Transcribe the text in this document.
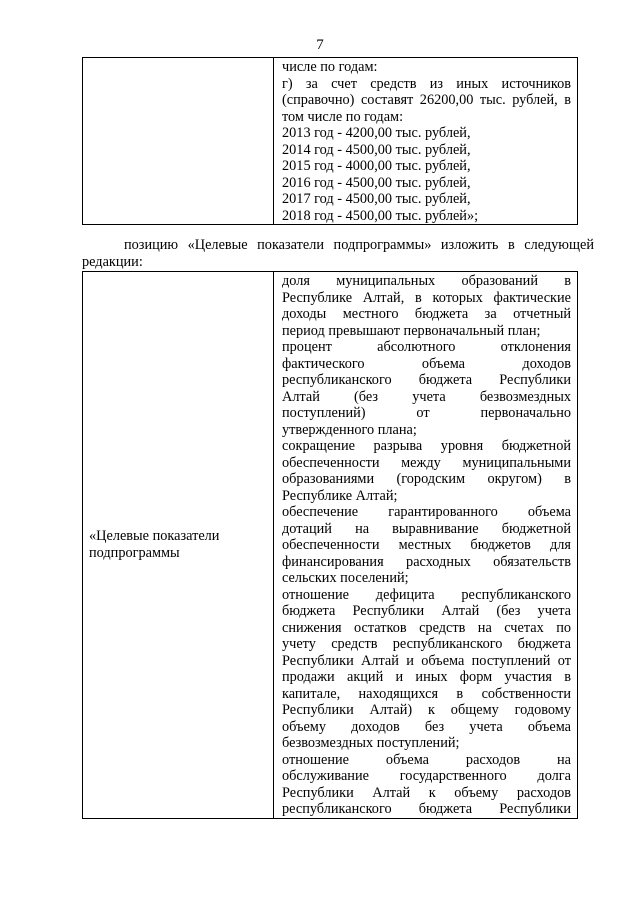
7

числе по годам:
г) за счет средств из иных источников
(справочно) составят 26200,00 тыс. рублей, в
том числе по годам:
2013 год - 4200,00 тыс. рублей,
2014 год - 4500,00 тыс. рублей,
2015 год - 4000,00 тыс. рублей,
2016 год - 4500,00 тыс. рублей,
2017 год - 4500,00 тыс. рублей,
2018 год - 4500,00 тыс. рублей»;
позицию «Целевые показатели подпрограммы» изложить в следующей
редакции:
«Целевые показатели
подпрограммы

доля муниципальных образований в
Республике Алтай, в которых фактические
доходы местного бюджета за отчетный
период превышают первоначальный план;
процент абсолютного отклонения
фактического объема доходов
республиканского бюджета Республики
Алтай (без учета безвозмездных
поступлений) от первоначально
утвержденного плана;
сокращение разрыва уровня бюджетной
обеспеченности между муниципальными
образованиями (городским округом) в
Республике Алтай;
обеспечение гарантированного объема
дотаций на выравнивание бюджетной
обеспеченности местных бюджетов для
финансирования расходных обязательств
сельских поселений;
отношение дефицита республиканского
бюджета Республики Алтай (без учета
снижения остатков средств на счетах по
учету средств республиканского бюджета
Республики Алтай и объема поступлений от
продажи акций и иных форм участия в
капитале, находящихся в собственности
Республики Алтай) к общему годовому
объему доходов без учета объема
безвозмездных поступлений;
отношение объема расходов на
обслуживание государственного долга
Республики Алтай к объему расходов
республиканского бюджета Республики
